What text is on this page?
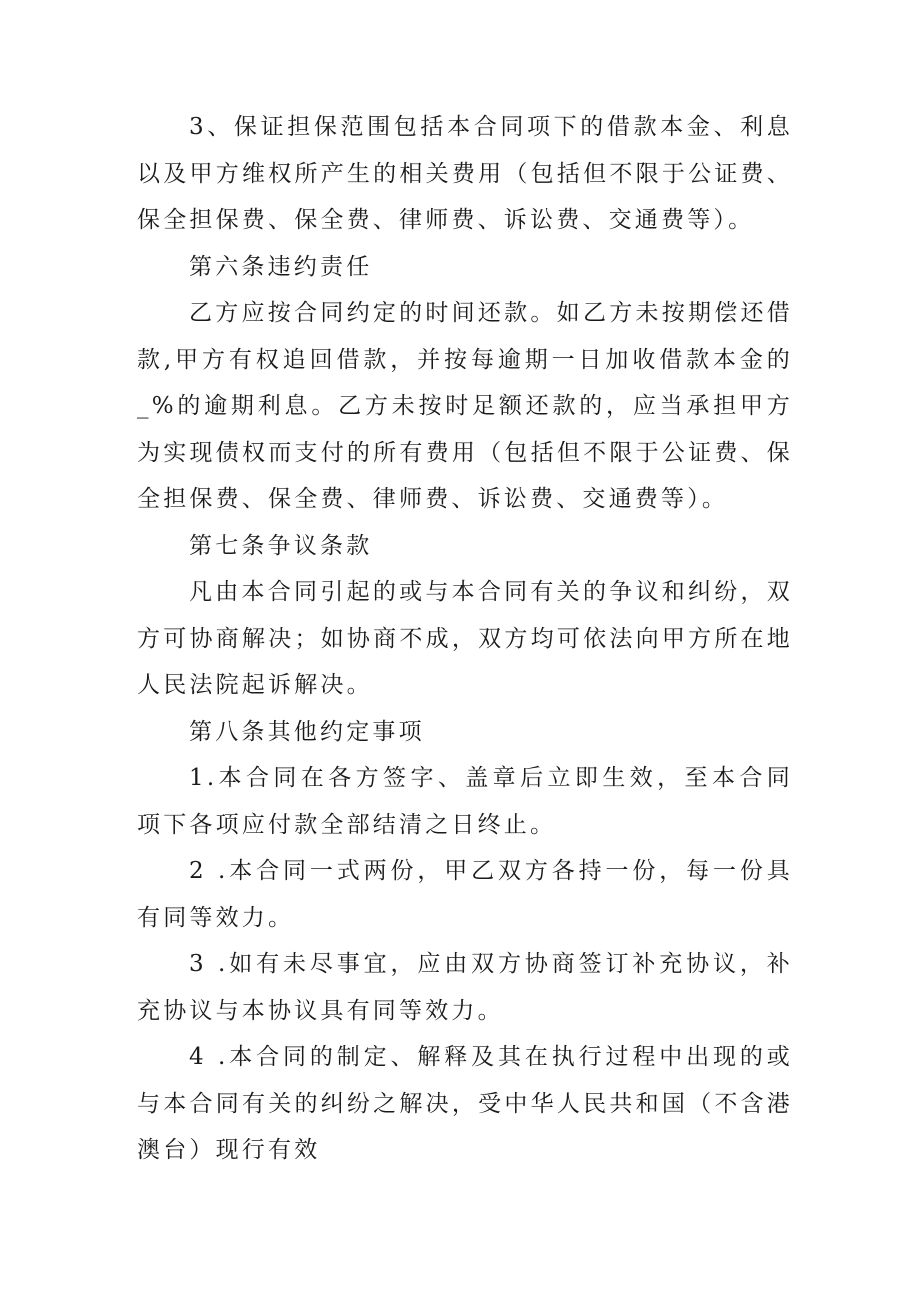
3、保证担保范围包括本合同项下的借款本金、利息以及甲方维权所产生的相关费用（包括但不限于公证费、保全担保费、保全费、律师费、诉讼费、交通费等）。

第六条违约责任

乙方应按合同约定的时间还款。如乙方未按期偿还借款,甲方有权追回借款，并按每逾期一日加收借款本金的_%的逾期利息。乙方未按时足额还款的，应当承担甲方为实现债权而支付的所有费用（包括但不限于公证费、保全担保费、保全费、律师费、诉讼费、交通费等）。

第七条争议条款

凡由本合同引起的或与本合同有关的争议和纠纷，双方可协商解决；如协商不成，双方均可依法向甲方所在地人民法院起诉解决。

第八条其他约定事项

1.本合同在各方签字、盖章后立即生效，至本合同项下各项应付款全部结清之日终止。

2 .本合同一式两份，甲乙双方各持一份，每一份具有同等效力。

3 .如有未尽事宜，应由双方协商签订补充协议，补充协议与本协议具有同等效力。

4 .本合同的制定、解释及其在执行过程中出现的或与本合同有关的纠纷之解决，受中华人民共和国（不含港澳台）现行有效
